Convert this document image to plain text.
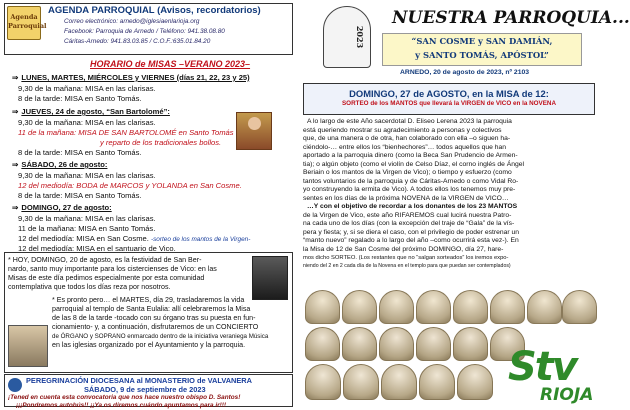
Agenda
Parroquial
AGENDA PARROQUIAL (Avisos, recordatorios)
Correo electrónico: arnedo@iglesiaenlarioja.org
Facebook: Parroquia de Arnedo / Teléfono: 941.38.08.80
Cáritas-Arnedo: 941.83.03.85 / C.O.F.:635.01.84.20
HORARIO de MISAS –VERANO 2023–
⇒ LUNES, MARTES, MIÉRCOLES y VIERNES (días 21, 22, 23 y 25)
9,30 de la mañana: MISA en las clarisas.
8 de la tarde: MISA en Santo Tomás.
⇒ JUEVES, 24 de agosto, “San Bartolomé”:
9,30 de la mañana: MISA en las clarisas.
11 de la mañana: MISA DE SAN BARTOLOMÉ en Santo Tomás
y reparto de los tradicionales bollos.
8 de la tarde: MISA en Santo Tomás.
⇒ SÁBADO, 26 de agosto:
9,30 de la mañana: MISA en las clarisas.
12 del mediodía: BODA de MARCOS y YOLANDA en San Cosme.
8 de la tarde: MISA en Santo Tomás.
⇒ DOMINGO, 27 de agosto:
9,30 de la mañana: MISA en las clarisas.
11 de la mañana: MISA en Santo Tomás.
12 del mediodía: MISA en San Cosme. -sorteo de los mantos de la Virgen-
12 del mediodía: MISA en el santuario de Vico.
* HOY, DOMINGO, 20 de agosto, es la festividad de San Ber-
nardo, santo muy importante para los cistercienses de Vico: en las
Misas de este día pedimos especialmente por esta comunidad
contemplativa que todos los días reza por nosotros.
* Es pronto pero… el MARTES, día 29, trasladaremos la vida
parroquial al templo de Santa Eulalia: allí celebraremos la Misa
de las 8 de la tarde -tocado con su órgano tras su puesta en fun-
cionamiento- y, a continuación, disfrutaremos de un CONCIERTO
de ÓRGANO y SOPRANO enmarcado dentro de la iniciativa veraniega Música
en las iglesias organizado por el Ayuntamiento y la parroquia.
PEREGRINACIÓN DIOCESANA al MONASTERIO de VALVANERA
SÁBADO, 9 de septiembre de 2023
¡Tened en cuenta esta convocatoria que nos hace nuestro obispo D. Santos!
¡¡¡Pondremos autobús!! ¡¡Ya os diremos cuándo apuntamos para ir!!!
2023
NUESTRA PARROQUIA...
“SAN COSME y SAN DAMIÁN,
y SANTO TOMÁS, APÓSTOL”
ARNEDO, 20 de agosto de 2023, nº 2103
DOMINGO, 27 de AGOSTO, en la MISA de 12:
SORTEO de los MANTOS que llevará la VIRGEN de VICO en la NOVENA
A lo largo de este Año sacerdotal D. Eliseo Lerena 2023 la parroquia
está queriendo mostrar su agradecimiento a personas y colectivos
que, de una manera o de otra, han colaborado con ella –o siguen ha-
ciéndolo-… entre ellos los “bienhechores”… todos aquellos que han
aportado a la parroquia dinero (como la Beca San Prudencio de Armen-
tia); o algún objeto (como el violín de Celso Díaz, el corno inglés de Ángel
Beriain o los mantos de la Virgen de Vico); o tiempo y esfuerzo (como
tantos voluntarios de la parroquia y de Cáritas-Arnedo o como Vidal Ro-
yo construyendo la ermita de Vico). A todos ellos los tenemos muy pre-
sentes en los días de la próxima NOVENA de la VIRGEN de VICO…
…Y con el objetivo de recordar a los donantes de los 23 MANTOS
de la Virgen de Vico, este año RIFAREMOS cual lucirá nuestra Patro-
na cada uno de los días (con la excepción del traje de “Gala” de la vís-
pera y fiesta; y, si se diera el caso, con el privilegio de poder estrenar un
“manto nuevo” regalado a lo largo del año –como ocurrirá esta vez-). En
la Misa de 12 de San Cosme del próximo DOMINGO, día 27, hare-
mos dicho SORTEO. (Los restantes que no “salgan sorteados” los iremos expo-
niendo del 2 en 2 cada día de la Novena en el templo para que puedan ser contemplados)
Stv
RIOJA
